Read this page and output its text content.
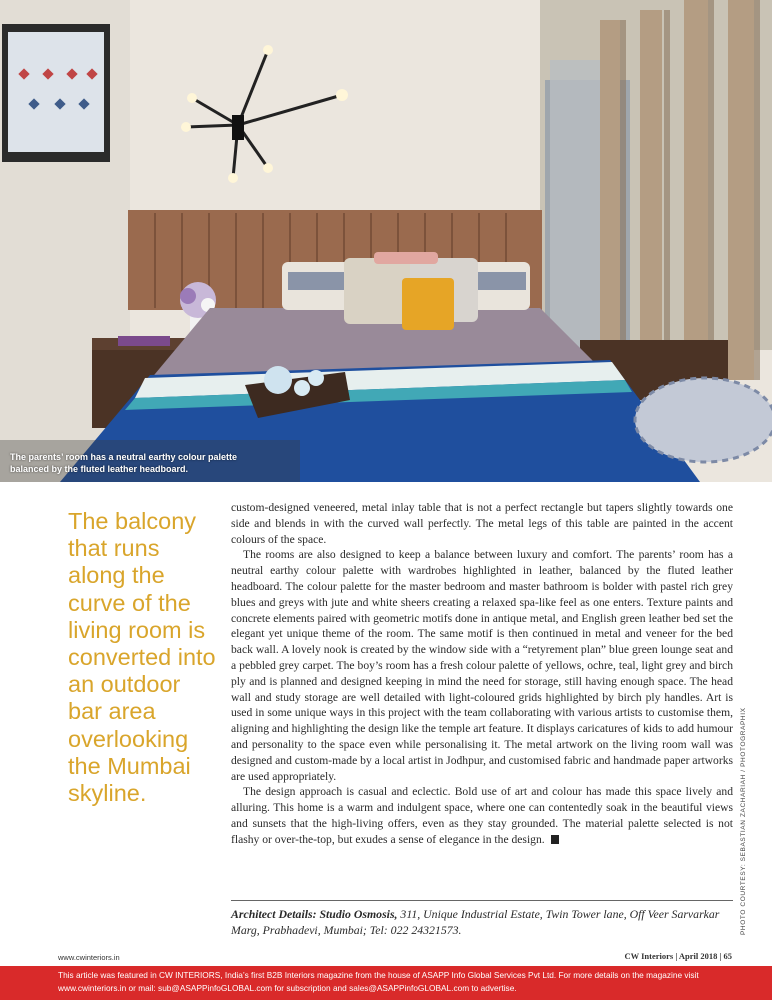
The parents’ room has a neutral earthy colour palette
balanced by the fluted leather headboard.
The balcony that runs along the curve of the living room is converted into an outdoor bar area overlooking the Mumbai skyline.

custom-designed veneered, metal inlay table that is not a perfect rectangle but tapers slightly towards one side and blends in with the curved wall perfectly. The metal legs of this table are painted in the accent colours of the space.

The rooms are also designed to keep a balance between luxury and comfort. The parents’ room has a neutral earthy colour palette with wardrobes highlighted in leather, balanced by the fluted leather headboard. The colour palette for the master bedroom and master bathroom is bolder with pastel rich grey blues and greys with jute and white sheers creating a relaxed spa-like feel as one enters. Texture paints and concrete elements paired with geometric motifs done in antique metal, and English green leather bed set the elegant yet unique theme of the room. The same motif is then continued in metal and veneer for the bed back wall. A lovely nook is created by the window side with a “retyrement plan” blue green lounge seat and a pebbled grey carpet. The boy’s room has a fresh colour palette of yellows, ochre, teal, light grey and birch ply and is planned and designed keeping in mind the need for storage, still having enough space. The head wall and study storage are well detailed with light-coloured grids highlighted by birch ply handles. Art is used in some unique ways in this project with the team collaborating with various artists to customise them, aligning and highlighting the design like the temple art feature. It displays caricatures of kids to add humour and personality to the space even while personalising it. The metal artwork on the living room wall was designed and custom-made by a local artist in Jodhpur, and customised fabric and handmade paper artworks are used appropriately.

The design approach is casual and eclectic. Bold use of art and colour has made this space lively and alluring. This home is a warm and indulgent space, where one can contentedly soak in the beautiful views and sunsets that the high-living offers, even as they stay grounded. The material palette selected is not flashy or over-the-top, but exudes a sense of elegance in the design.

Architect Details: Studio Osmosis, 311, Unique Industrial Estate, Twin Tower lane, Off Veer Sarvarkar Marg, Prabhadevi, Mumbai; Tel: 022 24321573.	PHOTO COURTESY: SEBASTIAN ZACHARIAH / PHOTOGRAPHIX
www.cwinteriors.in	CW Interiors | April 2018 | 65
This article was featured in CW INTERIORS, India’s first B2B Interiors magazine from the house of ASAPP Info Global Services Pvt Ltd. For more details on the magazine visit www.cwinteriors.in or mail: sub@ASAPPinfoGLOBAL.com for subscription and sales@ASAPPinfoGLOBAL.com to advertise.
